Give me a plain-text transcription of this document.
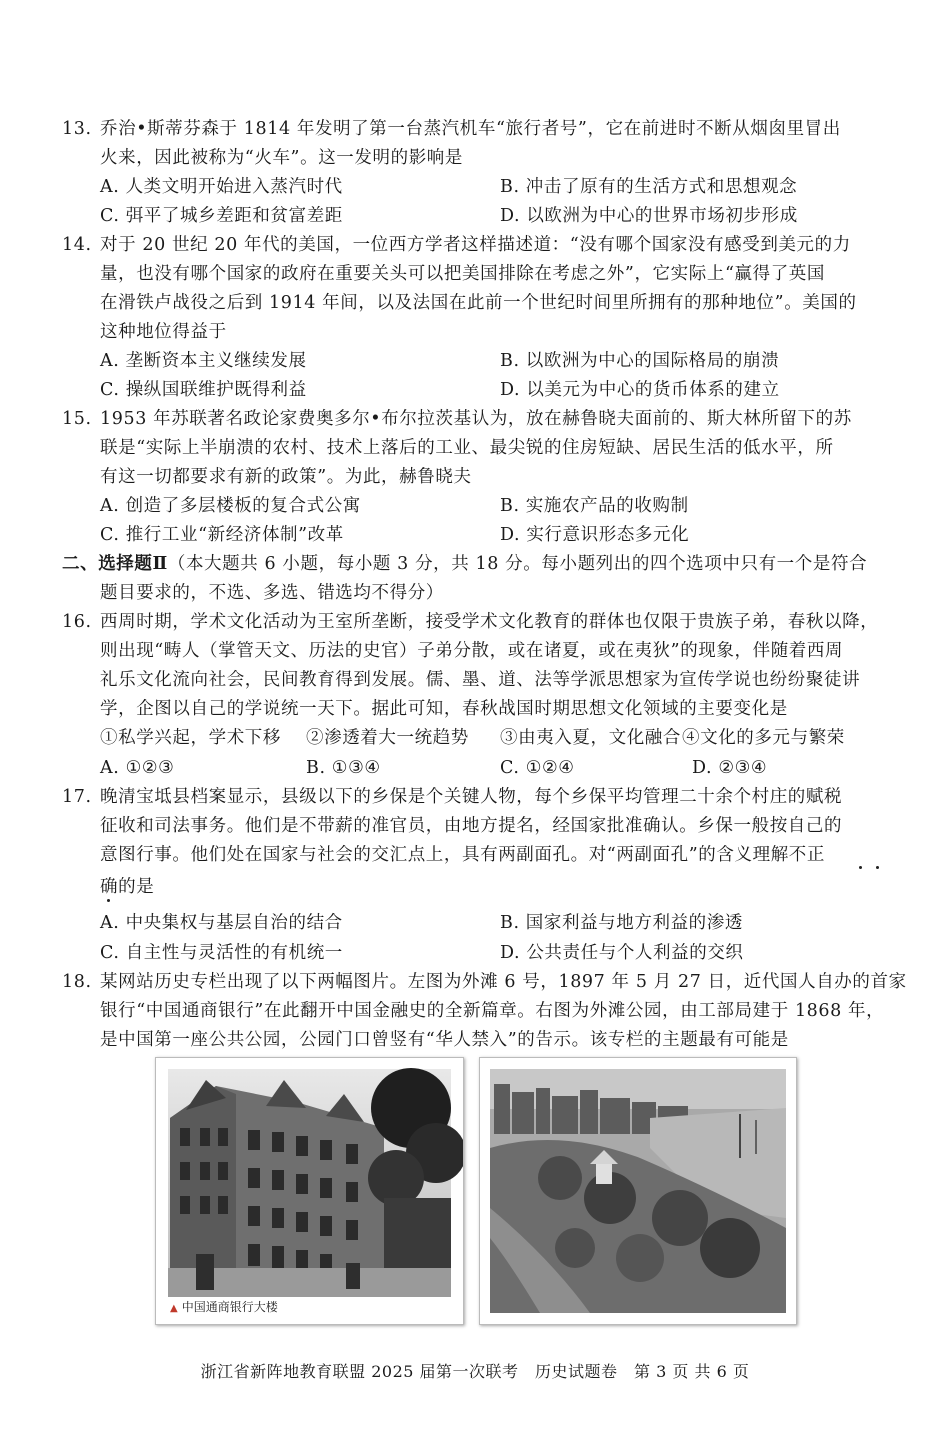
13. 乔治•斯蒂芬森于 1814 年发明了第一台蒸汽机车“旅行者号”，它在前进时不断从烟囱里冒出
火来，因此被称为“火车”。这一发明的影响是
A. 人类文明开始进入蒸汽时代	B. 冲击了原有的生活方式和思想观念
C. 弭平了城乡差距和贫富差距	D. 以欧洲为中心的世界市场初步形成
14. 对于 20 世纪 20 年代的美国，一位西方学者这样描述道：“没有哪个国家没有感受到美元的力
量，也没有哪个国家的政府在重要关头可以把美国排除在考虑之外”，它实际上“赢得了英国
在滑铁卢战役之后到 1914 年间，以及法国在此前一个世纪时间里所拥有的那种地位”。美国的
这种地位得益于
A. 垄断资本主义继续发展	B. 以欧洲为中心的国际格局的崩溃
C. 操纵国联维护既得利益	D. 以美元为中心的货币体系的建立
15. 1953 年苏联著名政论家费奥多尔•布尔拉茨基认为，放在赫鲁晓夫面前的、斯大林所留下的苏
联是“实际上半崩溃的农村、技术上落后的工业、最尖锐的住房短缺、居民生活的低水平，所
有这一切都要求有新的政策”。为此，赫鲁晓夫
A. 创造了多层楼板的复合式公寓	B. 实施农产品的收购制
C. 推行工业“新经济体制”改革	D. 实行意识形态多元化
二、选择题Ⅱ（本大题共 6 小题，每小题 3 分，共 18 分。每小题列出的四个选项中只有一个是符合
题目要求的，不选、多选、错选均不得分）
16. 西周时期，学术文化活动为王室所垄断，接受学术文化教育的群体也仅限于贵族子弟，春秋以降，
则出现“畴人（掌管天文、历法的史官）子弟分散，或在诸夏，或在夷狄”的现象，伴随着西周
礼乐文化流向社会，民间教育得到发展。儒、墨、道、法等学派思想家为宣传学说也纷纷聚徒讲
学，企图以自己的学说统一天下。据此可知，春秋战国时期思想文化领域的主要变化是
①私学兴起，学术下移 ②渗透着大一统趋势 ③由夷入夏，文化融合 ④文化的多元与繁荣
A. ①②③	B. ①③④	C. ①②④	D. ②③④
17. 晚清宝坻县档案显示，县级以下的乡保是个关键人物，每个乡保平均管理二十余个村庄的赋税
征收和司法事务。他们是不带薪的准官员，由地方提名，经国家批准确认。乡保一般按自己的
意图行事。他们处在国家与社会的交汇点上，具有两副面孔。对“两副面孔”的含义理解不正
确的是
A. 中央集权与基层自治的结合	B. 国家利益与地方利益的渗透
C. 自主性与灵活性的有机统一	D. 公共责任与个人利益的交织
18. 某网站历史专栏出现了以下两幅图片。左图为外滩 6 号，1897 年 5 月 27 日，近代国人自办的首家
银行“中国通商银行”在此翻开中国金融史的全新篇章。右图为外滩公园，由工部局建于 1868 年，
是中国第一座公共公园，公园门口曾竖有“华人禁入”的告示。该专栏的主题最有可能是
▲ 中国通商银行大楼
浙江省新阵地教育联盟 2025 届第一次联考　历史试题卷　第 3 页 共 6 页
